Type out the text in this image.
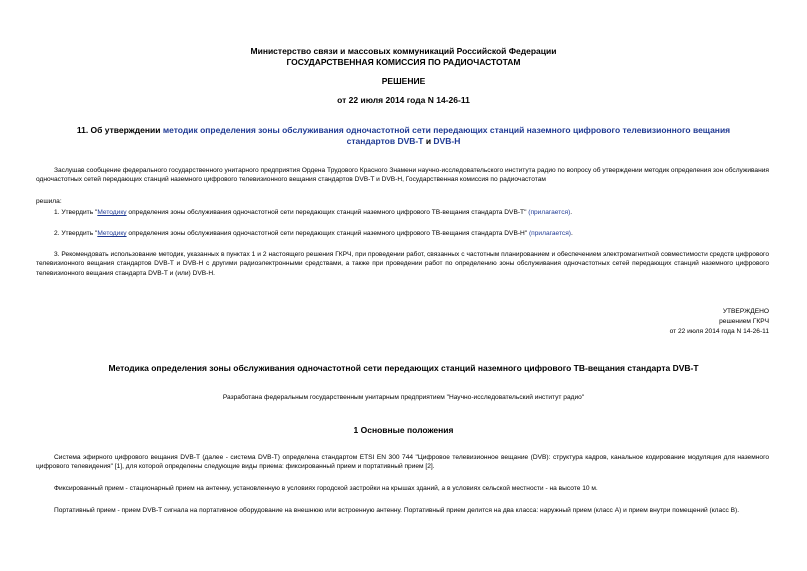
Министерство связи и массовых коммуникаций Российской Федерации

ГОСУДАРСТВЕННАЯ КОМИССИЯ ПО РАДИОЧАСТОТАМ

РЕШЕНИЕ

от 22 июля 2014 года N 14-26-11

11. Об утверждении методик определения зоны обслуживания одночастотной сети передающих станций наземного цифрового телевизионного вещания стандартов DVB-T и DVB-H

Заслушав сообщение федерального государственного унитарного предприятия Ордена Трудового Красного Знамени научно-исследовательского института радио по вопросу об утверждении методик определения зон обслуживания одночастотных сетей передающих станций наземного цифрового телевизионного вещания стандартов DVB-T и DVB-H, Государственная комиссия по радиочастотам

решила:

1. Утвердить "Методику определения зоны обслуживания одночастотной сети передающих станций наземного цифрового ТВ-вещания стандарта DVB-T" (прилагается).

2. Утвердить "Методику определения зоны обслуживания одночастотной сети передающих станций наземного цифрового ТВ-вещания стандарта DVB-H" (прилагается).

3. Рекомендовать использование методик, указанных в пунктах 1 и 2 настоящего решения ГКРЧ, при проведении работ, связанных с частотным планированием и обеспечением электромагнитной совместимости средств цифрового телевизионного вещания стандартов DVB-T и DVB-H с другими радиоэлектронными средствами, а также при проведении работ по определению зоны обслуживания одночастотных сетей передающих станций наземного цифрового телевизионного вещания стандарта DVB-T и (или) DVB-H.

УТВЕРЖДЕНО
решением ГКРЧ
от 22 июля 2014 года N 14-26-11

Методика определения зоны обслуживания одночастотной сети передающих станций наземного цифрового ТВ-вещания стандарта DVB-T

Разработана федеральным государственным унитарным предприятием "Научно-исследовательский институт радио"

1 Основные положения

Система эфирного цифрового вещания DVB-T (далее - система DVB-T) определена стандартом ETSI EN 300 744 "Цифровое телевизионное вещание (DVB): структура кадров, канальное кодирование модуляция для наземного цифрового телевидения" [1], для которой определены следующие виды приема: фиксированный прием и портативный прием [2].

Фиксированный прием - стационарный прием на антенну, установленную в условиях городской застройки на крышах зданий, а в условиях сельской местности - на высоте 10 м.

Портативный прием - прием DVB-T сигнала на портативное оборудование на внешнюю или встроенную антенну. Портативный прием делится на два класса: наружный прием (класс А) и прием внутри помещений (класс В).
